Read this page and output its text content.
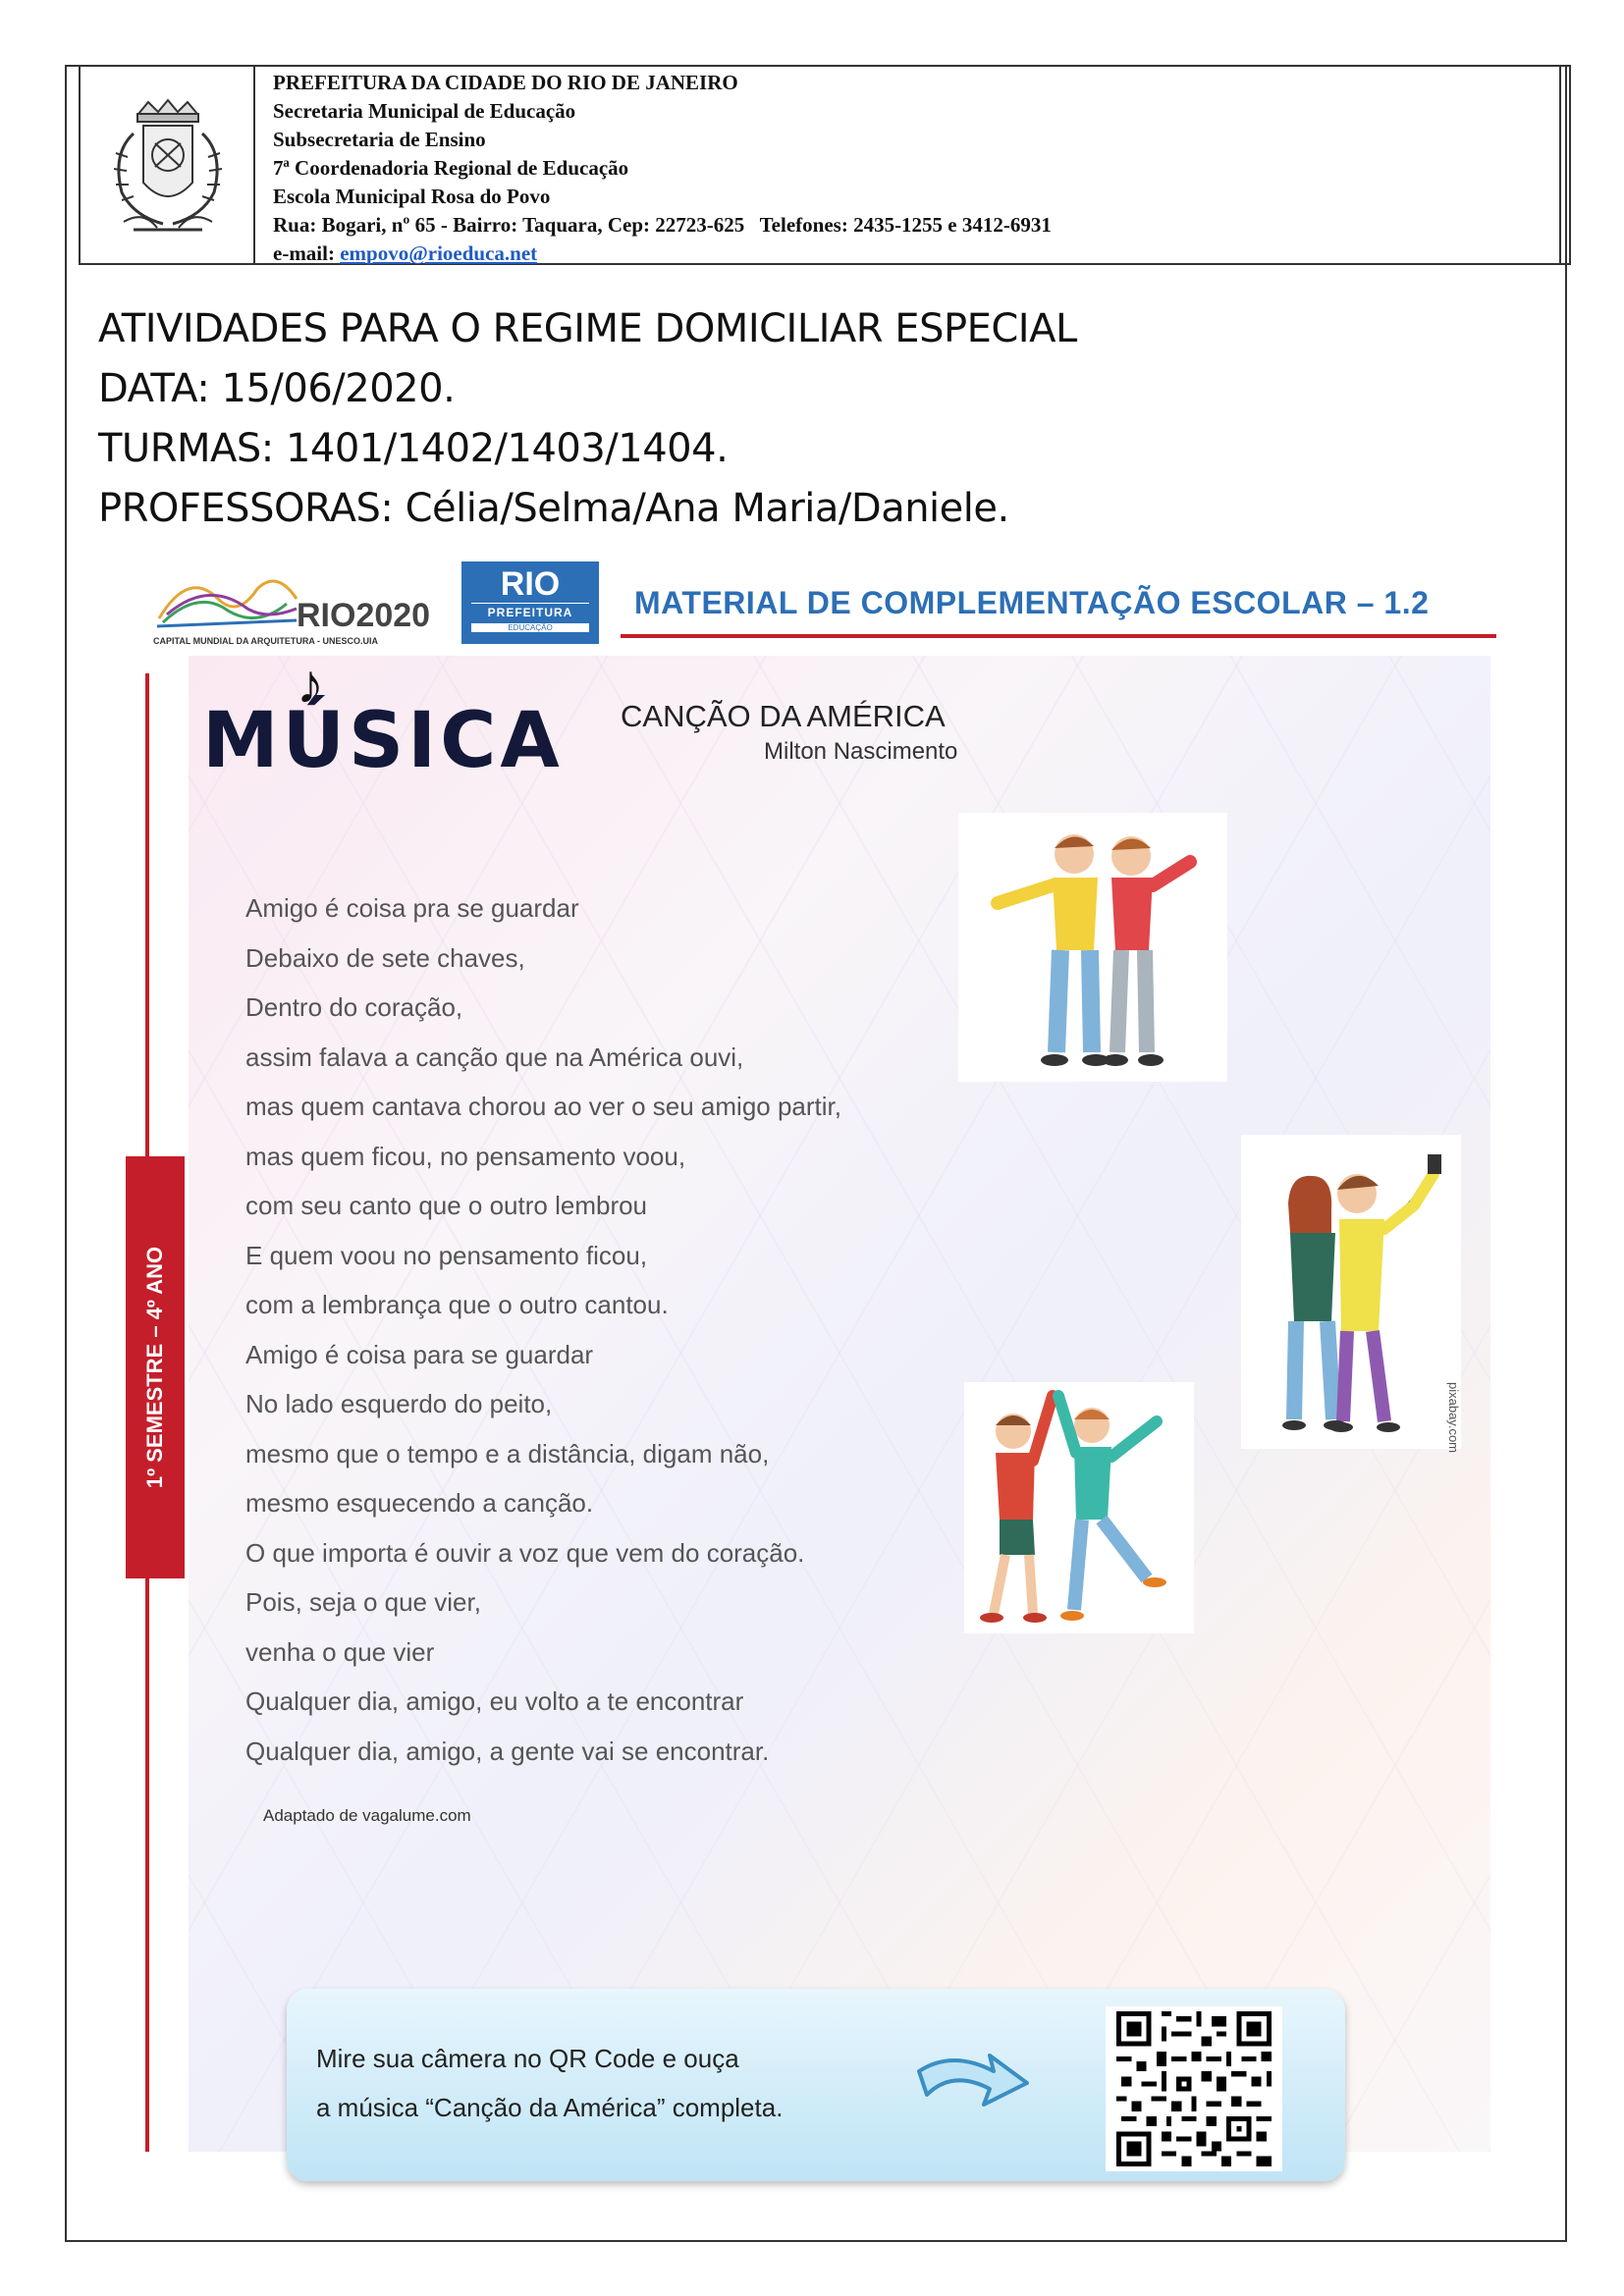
PREFEITURA DA CIDADE DO RIO DE JANEIRO
Secretaria Municipal de Educação
Subsecretaria de Ensino
7ª Coordenadoria Regional de Educação
Escola Municipal Rosa do Povo
Rua: Bogari, nº 65 - Bairro: Taquara, Cep: 22723-625   Telefones: 2435-1255 e 3412-6931
e-mail: empovo@rioeduca.net
ATIVIDADES PARA O REGIME DOMICILIAR ESPECIAL
DATA: 15/06/2020.
TURMAS: 1401/1402/1403/1404.
PROFESSORAS: Célia/Selma/Ana Maria/Daniele.
RIO2020
CAPITAL MUNDIAL DA ARQUITETURA - UNESCO.UIA
RIO
PREFEITURA
EDUCAÇÃO
MATERIAL DE COMPLEMENTAÇÃO ESCOLAR – 1.2
♪
MÚSICA CANÇÃO DA AMÉRICA
Milton Nascimento
Amigo é coisa pra se guardar
Debaixo de sete chaves,
Dentro do coração,
assim falava a canção que na América ouvi,
mas quem cantava chorou ao ver o seu amigo partir,
mas quem ficou, no pensamento voou,
com seu canto que o outro lembrou
E quem voou no pensamento ficou,
com a lembrança que o outro cantou.
Amigo é coisa para se guardar
No lado esquerdo do peito,
mesmo que o tempo e a distância, digam não,
mesmo esquecendo a canção.
O que importa é ouvir a voz que vem do coração.
Pois, seja o que vier,
venha o que vier
Qualquer dia, amigo, eu volto a te encontrar
Qualquer dia, amigo, a gente vai se encontrar.
Adaptado de vagalume.com
pixabay.com
Mire sua câmera no QR Code e ouça
a música “Canção da América” completa.
1º SEMESTRE – 4º ANO
